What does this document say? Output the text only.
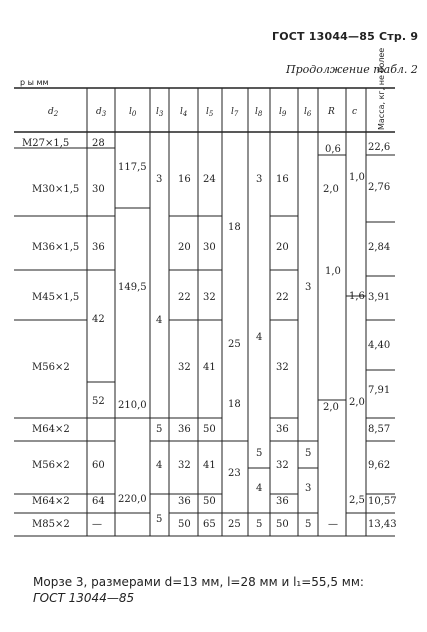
ГОСТ 13044—85 Стр. 9
Продолжение табл. 2
р ы мм
$d_2$	$d_3$	$l_0$ $l_3$ $l_4$ $l_5$ $l_7$ $l_8$ $l_9$ $l_6$ R c Масса, кг, не более
M27×1,5
M30×1,5
M36×1,5
M45×1,5
M56×2
M64×2
M56×2
M64×2
M85×2
28
30
36
42
52
60
64
—
117,5
149,5
210,0
220,0
3
4
5
4
5
16
20
22
32
36
32
36
50
24
30
32
41
50
41
50
65
18
25
18
23
25
3
4
5
4
5
16
20
22
32
36
32
36
50
3
5
3
5
0,6
2,0
1,0
2,0
—
1,0
1,6
2,0
2,5
22,6
2,76
2,84
3,91
4,40
7,91
8,57
9,62
10,57
13,43
Морзе 3, размерами d=13 мм, l=28 мм и l₁=55,5 мм:
ГОСТ 13044—85
